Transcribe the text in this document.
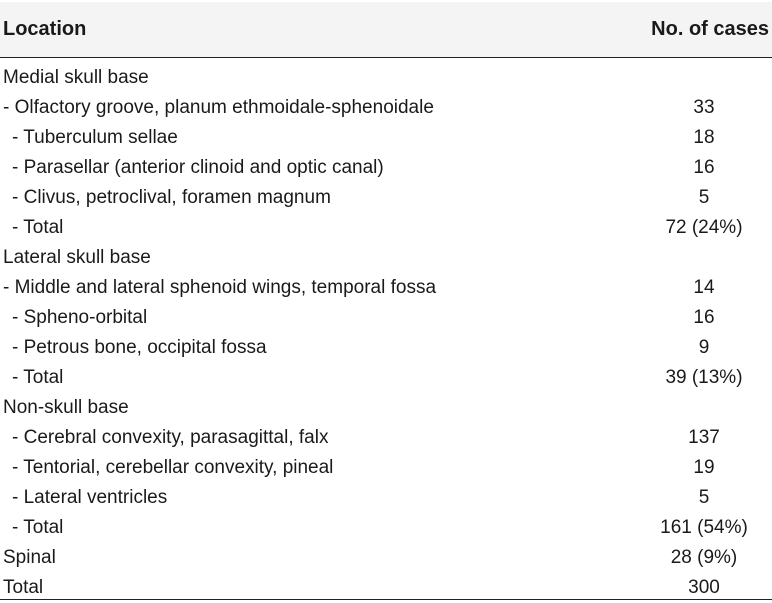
Location	No. of cases
Medial skull base
- Olfactory groove, planum ethmoidale-sphenoidale	33
- Tuberculum sellae	18
- Parasellar (anterior clinoid and optic canal)	16
- Clivus, petroclival, foramen magnum	5
- Total	72 (24%)
Lateral skull base
- Middle and lateral sphenoid wings, temporal fossa	14
- Spheno-orbital	16
- Petrous bone, occipital fossa	9
- Total	39 (13%)
Non-skull base
- Cerebral convexity, parasagittal, falx	137
- Tentorial, cerebellar convexity, pineal	19
- Lateral ventricles	5
- Total	161 (54%)
Spinal	28 (9%)
Total	300
